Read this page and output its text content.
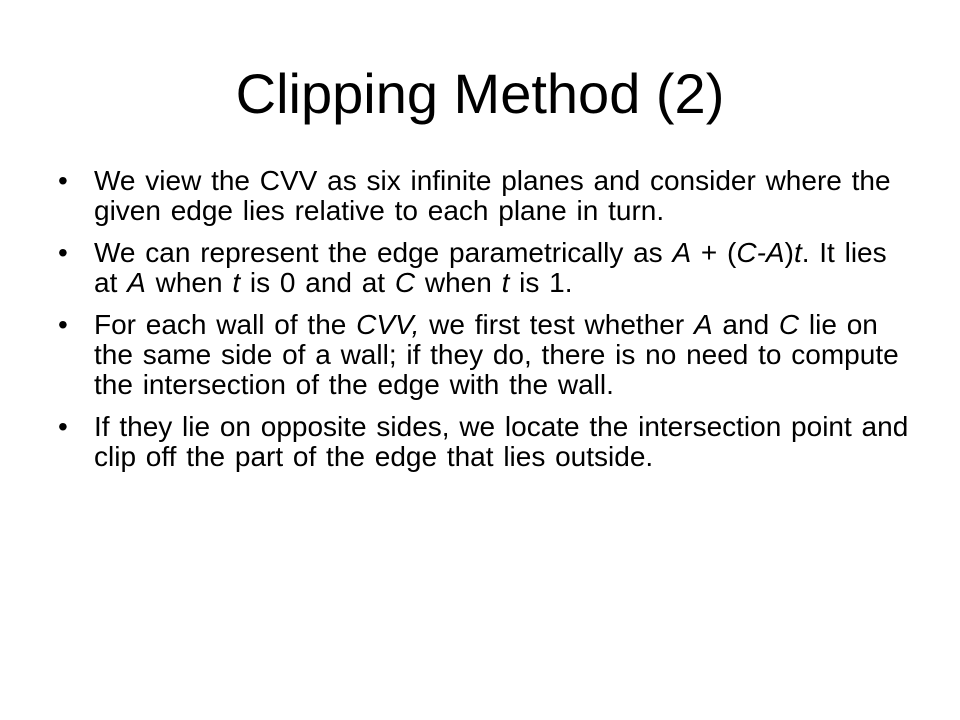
Clipping Method (2)
• We view the CVV as six infinite planes and consider where the given edge lies relative to each plane in turn.
• We can represent the edge parametrically as A + (C-A)t. It lies at A when t is 0 and at C when t is 1.
• For each wall of the CVV, we first test whether A and C lie on the same side of a wall; if they do, there is no need to compute the intersection of the edge with the wall.
• If they lie on opposite sides, we locate the intersection point and clip off the part of the edge that lies outside.
